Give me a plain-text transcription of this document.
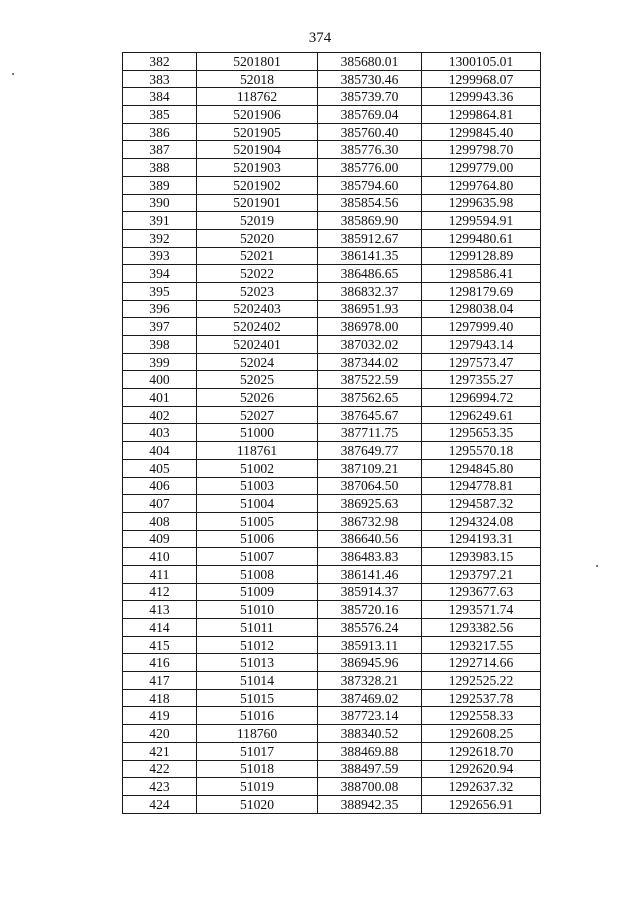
374
382	5201801	385680.01	1300105.01
383	52018	385730.46	1299968.07
384	118762	385739.70	1299943.36
385	5201906	385769.04	1299864.81
386	5201905	385760.40	1299845.40
387	5201904	385776.30	1299798.70
388	5201903	385776.00	1299779.00
389	5201902	385794.60	1299764.80
390	5201901	385854.56	1299635.98
391	52019	385869.90	1299594.91
392	52020	385912.67	1299480.61
393	52021	386141.35	1299128.89
394	52022	386486.65	1298586.41
395	52023	386832.37	1298179.69
396	5202403	386951.93	1298038.04
397	5202402	386978.00	1297999.40
398	5202401	387032.02	1297943.14
399	52024	387344.02	1297573.47
400	52025	387522.59	1297355.27
401	52026	387562.65	1296994.72
402	52027	387645.67	1296249.61
403	51000	387711.75	1295653.35
404	118761	387649.77	1295570.18
405	51002	387109.21	1294845.80
406	51003	387064.50	1294778.81
407	51004	386925.63	1294587.32
408	51005	386732.98	1294324.08
409	51006	386640.56	1294193.31
410	51007	386483.83	1293983.15
411	51008	386141.46	1293797.21
412	51009	385914.37	1293677.63
413	51010	385720.16	1293571.74
414	51011	385576.24	1293382.56
415	51012	385913.11	1293217.55
416	51013	386945.96	1292714.66
417	51014	387328.21	1292525.22
418	51015	387469.02	1292537.78
419	51016	387723.14	1292558.33
420	118760	388340.52	1292608.25
421	51017	388469.88	1292618.70
422	51018	388497.59	1292620.94
423	51019	388700.08	1292637.32
424	51020	388942.35	1292656.91
